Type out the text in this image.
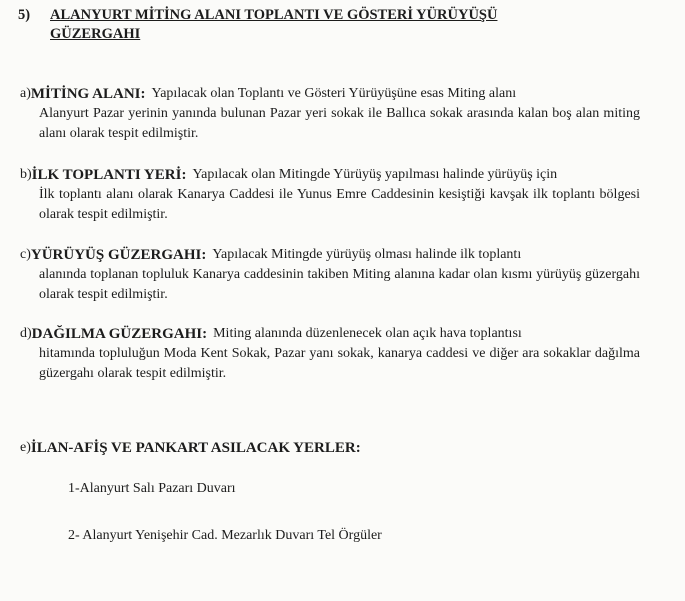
5)	ALANYURT MİTİNG ALANI TOPLANTI VE GÖSTERİ YÜRÜYÜŞÜ GÜZERGAHI
a) MİTİNG ALANI: Yapılacak olan Toplantı ve Gösteri Yürüyüşüne esas Miting alanı
Alanyurt Pazar yerinin yanında bulunan Pazar yeri sokak ile Ballıca sokak arasında kalan boş alan miting alanı olarak tespit edilmiştir.
b) İLK TOPLANTI YERİ: Yapılacak olan Mitingde Yürüyüş yapılması halinde yürüyüş için
İlk toplantı alanı olarak Kanarya Caddesi ile Yunus Emre Caddesinin kesiştiği kavşak ilk toplantı bölgesi olarak tespit edilmiştir.
c) YÜRÜYÜŞ GÜZERGAHI: Yapılacak Mitingde yürüyüş olması halinde ilk toplantı
alanında toplanan topluluk Kanarya caddesinin takiben Miting alanına kadar olan kısmı yürüyüş güzergahı olarak tespit edilmiştir.
d) DAĞILMA GÜZERGAHI: Miting alanında düzenlenecek olan açık hava toplantısı
hitamında topluluğun Moda Kent Sokak, Pazar yanı sokak, kanarya caddesi ve diğer ara sokaklar dağılma güzergahı olarak tespit edilmiştir.
e) İLAN-AFİŞ VE PANKART ASILACAK YERLER:
1-Alanyurt Salı Pazarı Duvarı
2- Alanyurt Yenişehir Cad. Mezarlık Duvarı Tel Örgüler
